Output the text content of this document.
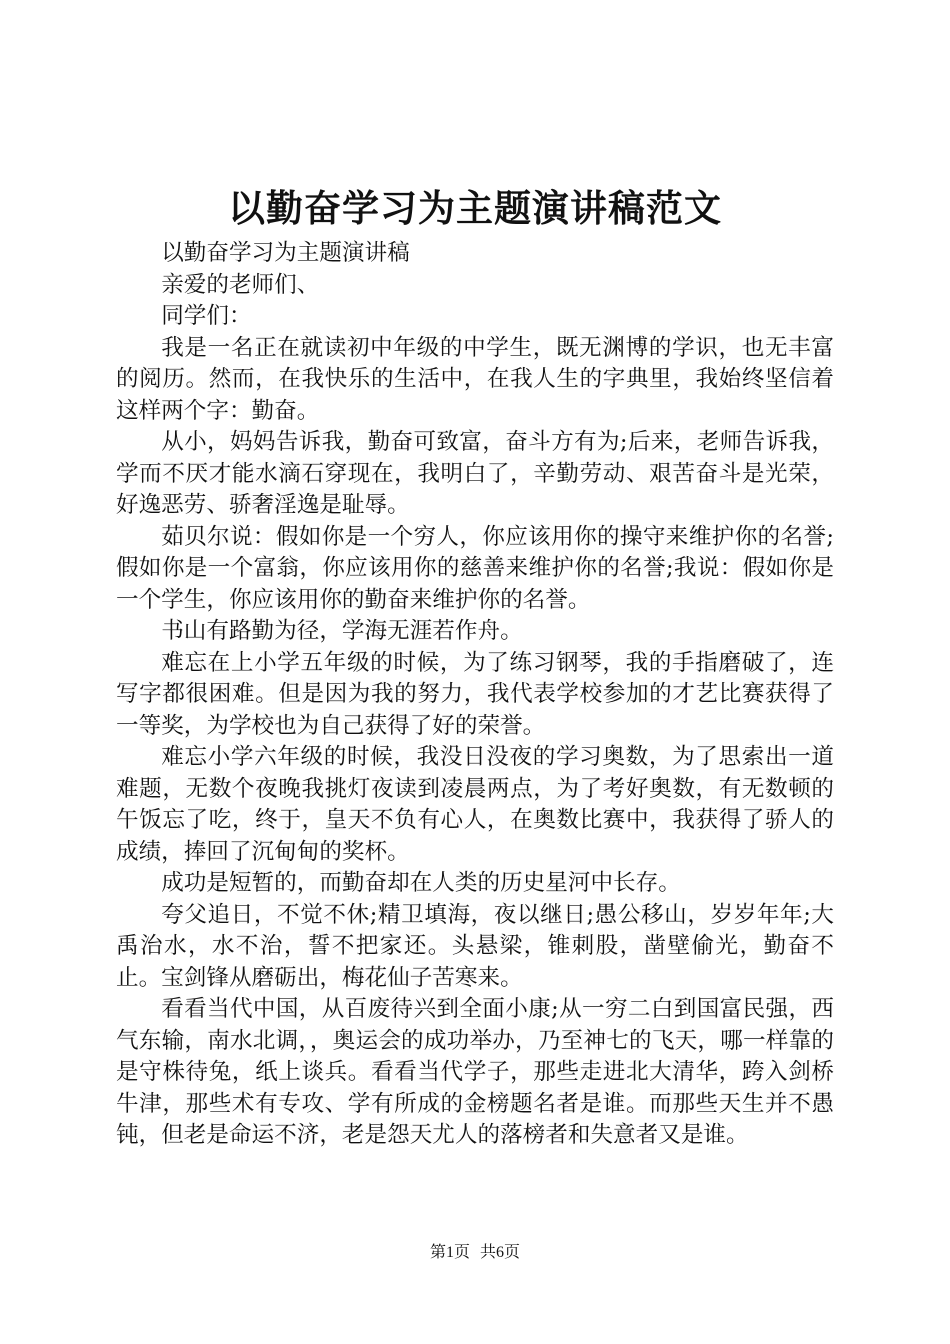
以勤奋学习为主题演讲稿范文

以勤奋学习为主题演讲稿

亲爱的老师们、

同学们：

我是一名正在就读初中年级的中学生，既无渊博的学识，也无丰富的阅历。然而，在我快乐的生活中，在我人生的字典里，我始终坚信着这样两个字：勤奋。

从小，妈妈告诉我，勤奋可致富，奋斗方有为;后来，老师告诉我，学而不厌才能水滴石穿现在，我明白了，辛勤劳动、艰苦奋斗是光荣，好逸恶劳、骄奢淫逸是耻辱。

茹贝尔说：假如你是一个穷人，你应该用你的操守来维护你的名誉;假如你是一个富翁，你应该用你的慈善来维护你的名誉;我说：假如你是一个学生，你应该用你的勤奋来维护你的名誉。

书山有路勤为径，学海无涯若作舟。

难忘在上小学五年级的时候，为了练习钢琴，我的手指磨破了，连写字都很困难。但是因为我的努力，我代表学校参加的才艺比赛获得了一等奖，为学校也为自己获得了好的荣誉。

难忘小学六年级的时候，我没日没夜的学习奥数，为了思索出一道难题，无数个夜晚我挑灯夜读到凌晨两点，为了考好奥数，有无数顿的午饭忘了吃，终于，皇天不负有心人，在奥数比赛中，我获得了骄人的成绩，捧回了沉甸甸的奖杯。

成功是短暂的，而勤奋却在人类的历史星河中长存。

夸父追日，不觉不休;精卫填海，夜以继日;愚公移山，岁岁年年;大禹治水，水不治，誓不把家还。头悬梁，锥刺股，凿壁偷光，勤奋不止。宝剑锋从磨砺出，梅花仙子苦寒来。

看看当代中国，从百废待兴到全面小康;从一穷二白到国富民强，西气东输，南水北调，，奥运会的成功举办，乃至神七的飞天，哪一样靠的是守株待兔，纸上谈兵。看看当代学子，那些走进北大清华，跨入剑桥牛津，那些术有专攻、学有所成的金榜题名者是谁。而那些天生并不愚钝，但老是命运不济，老是怨天尤人的落榜者和失意者又是谁。

第1页 共6页
